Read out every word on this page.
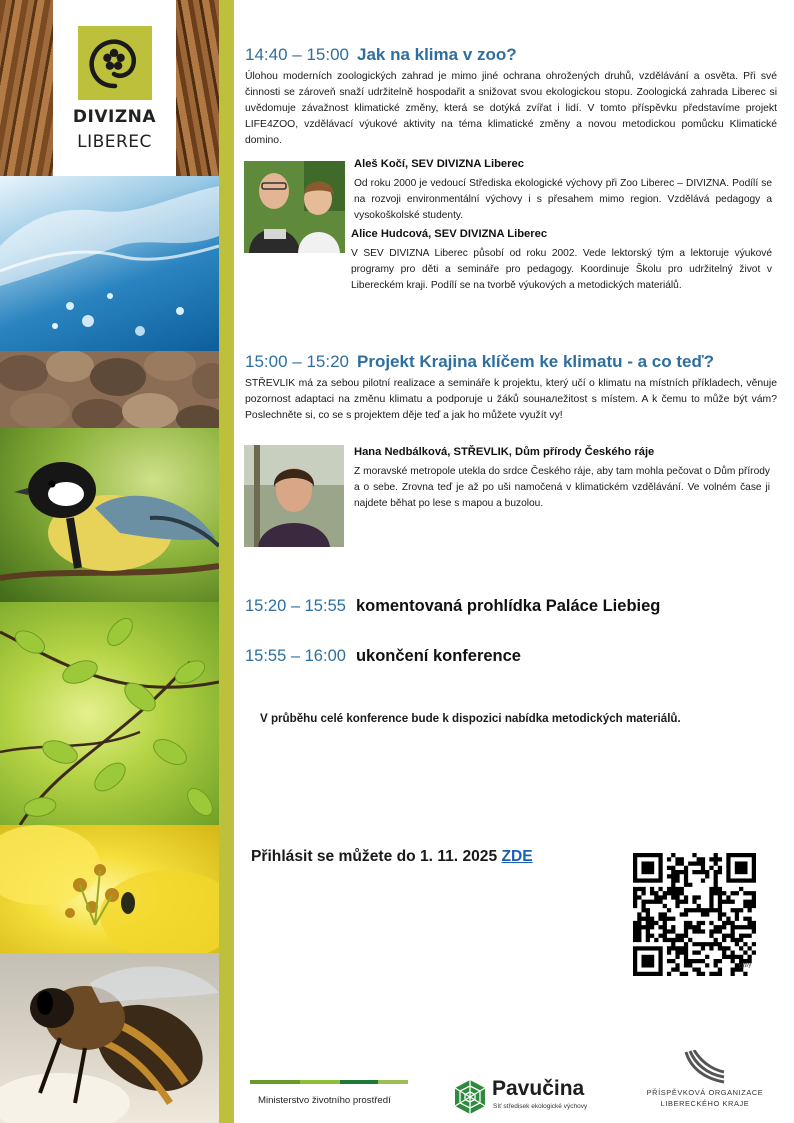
DIVIZNA
LIBEREC
14:40 – 15:00 Jak na klima v zoo?
Úlohou moderních zoologických zahrad je mimo jiné ochrana ohrožených druhů, vzdělávání a osvěta. Při své činnosti se zároveň snaží udržitelně hospodařit a snižovat svou ekologickou stopu. Zoologická zahrada Liberec si uvědomuje závažnost klimatické změny, která se dotýká zvířat i lidí. V tomto příspěvku představíme projekt LIFE4ZOO, vzdělávací výukové aktivity na téma klimatické změny a novou metodickou pomůcku Klimatické domino.
Aleš Kočí, SEV DIVIZNA Liberec
Od roku 2000 je vedoucí Střediska ekologické výchovy při Zoo Liberec – DIVIZNA. Podílí se na rozvoji environmentální výchovy i s přesahem mimo region. Vzdělává pedagogy a vysokoškolské studenty.
Alice Hudcová, SEV DIVIZNA Liberec
V SEV DIVIZNA Liberec působí od roku 2002. Vede lektorský tým a lektoruje výukové programy pro děti a semináře pro pedagogy. Koordinuje Školu pro udržitelný život v Libereckém kraji. Podílí se na tvorbě výukových a metodických materiálů.
15:00 – 15:20 Projekt Krajina klíčem ke klimatu - a co teď?
STŘEVLIK má za sebou pilotní realizace a semináře k projektu, který učí o klimatu na místních příkladech, věnuje pozornost adaptaci na změnu klimatu a podporuje u žáků souналežitost s místem. A k čemu to může být vám? Poslechněte si, co se s projektem děje teď a jak ho můžete využít vy!
Hana Nedbálková, STŘEVLIK, Dům přírody Českého ráje
Z moravské metropole utekla do srdce Českého ráje, aby tam mohla pečovat o Dům přírody a o sebe. Zrovna teď je až po uši namočená v klimatickém vzdělávání. Ve volném čase ji najdete běhat po lese s mapou a buzolou.
15:20 – 15:55 komentovaná prohlídka Paláce Liebieg
15:55 – 16:00 ukončení konference
V průběhu celé konference bude k dispozici nabídka metodických materiálů.
Přihlásit se můžete do 1. 11. 2025 ZDE
bitly
Ministerstvo životního prostředí
Pavučina
Síť středisek ekologické výchovy
PŘÍSPĚVKOVÁ ORGANIZACE
LIBERECKÉHO KRAJE
